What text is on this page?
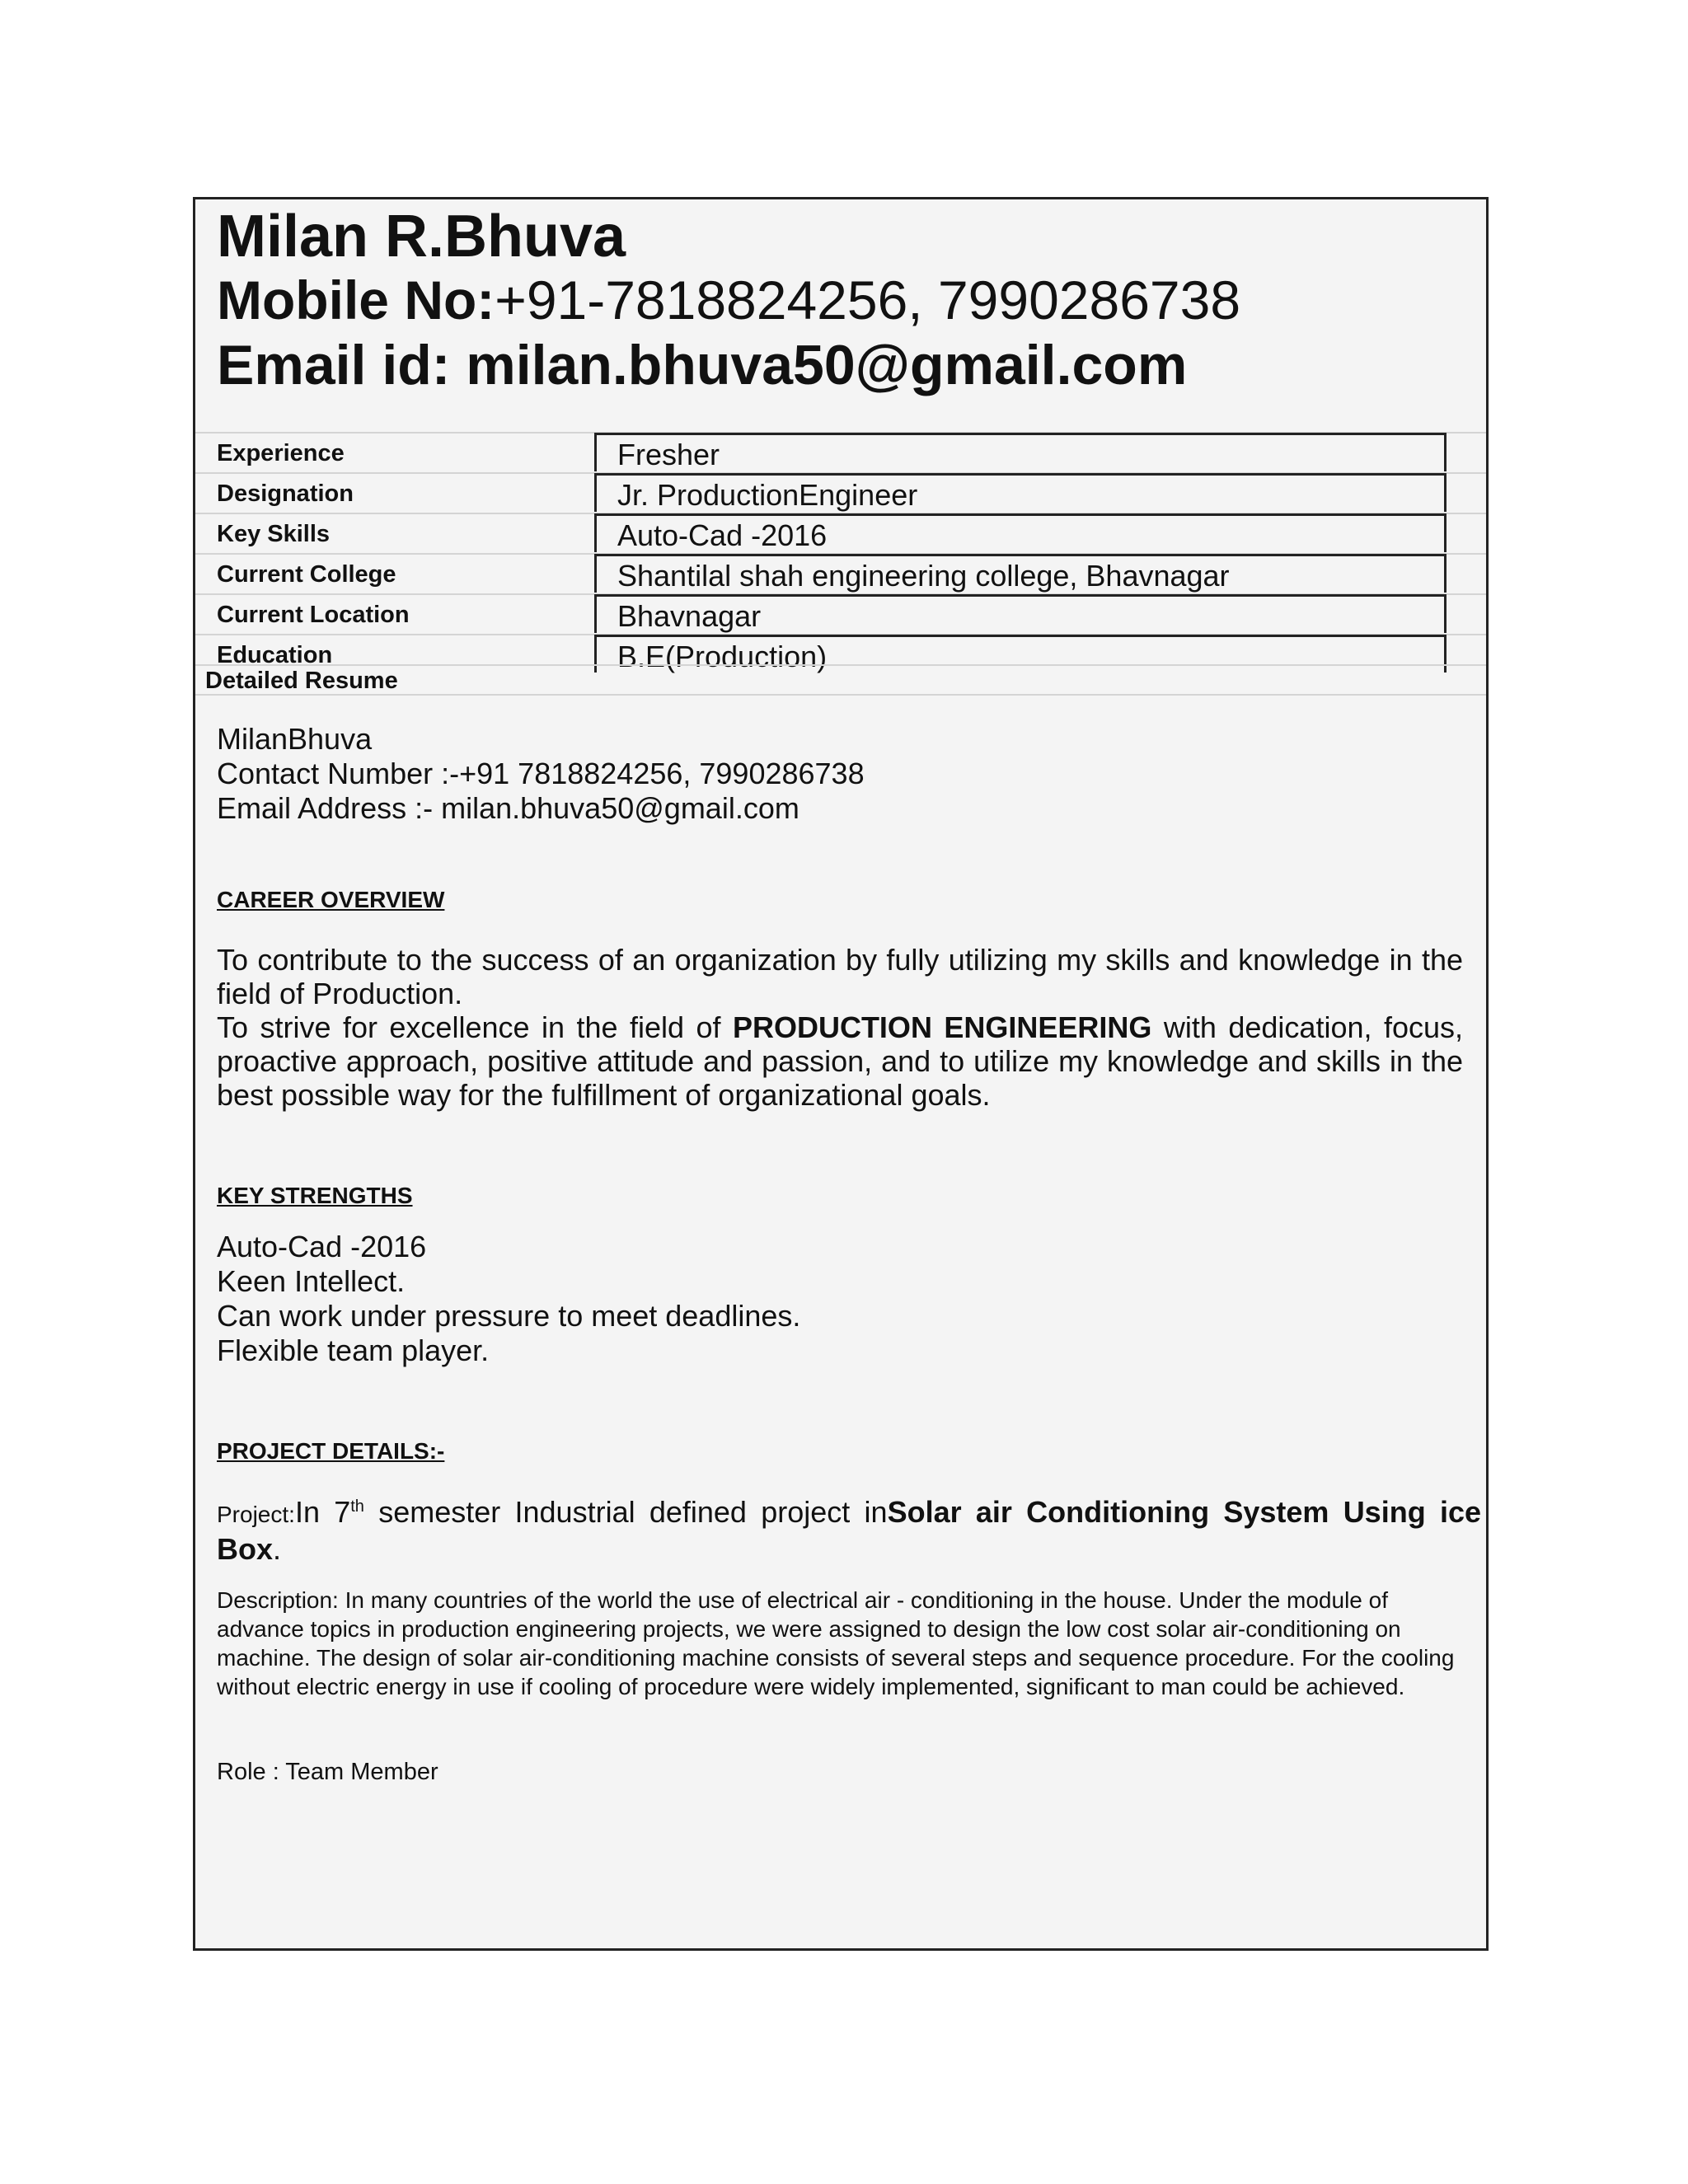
Milan R.Bhuva
Mobile No:+91-7818824256, 7990286738
Email id: milan.bhuva50@gmail.com
Experience	Fresher
Designation	Jr. ProductionEngineer
Key Skills	Auto-Cad -2016
Current College	Shantilal shah engineering college, Bhavnagar
Current Location	Bhavnagar
Education	B.E(Production)
Detailed Resume
MilanBhuva
Contact Number :-+91 7818824256, 7990286738
Email Address :- milan.bhuva50@gmail.com
CAREER OVERVIEW
To contribute to the success of an organization by fully utilizing my skills and knowledge in the field of Production.
To strive for excellence in the field of PRODUCTION ENGINEERING with dedication, focus, proactive approach, positive attitude and passion, and to utilize my knowledge and skills in the best possible way for the fulfillment of organizational goals.
KEY STRENGTHS
Auto-Cad -2016
Keen Intellect.
Can work under pressure to meet deadlines.
Flexible team player.
PROJECT DETAILS:-
Project:In 7th semester Industrial defined project inSolar air Conditioning System Using ice Box.
Description: In many countries of the world the use of electrical air - conditioning in the house. Under the module of advance topics in production engineering projects, we were assigned to design the low cost solar air-conditioning on machine. The design of solar air-conditioning machine consists of several steps and sequence procedure. For the cooling without electric energy in use if cooling of procedure were widely implemented, significant to man could be achieved.
Role : Team Member
